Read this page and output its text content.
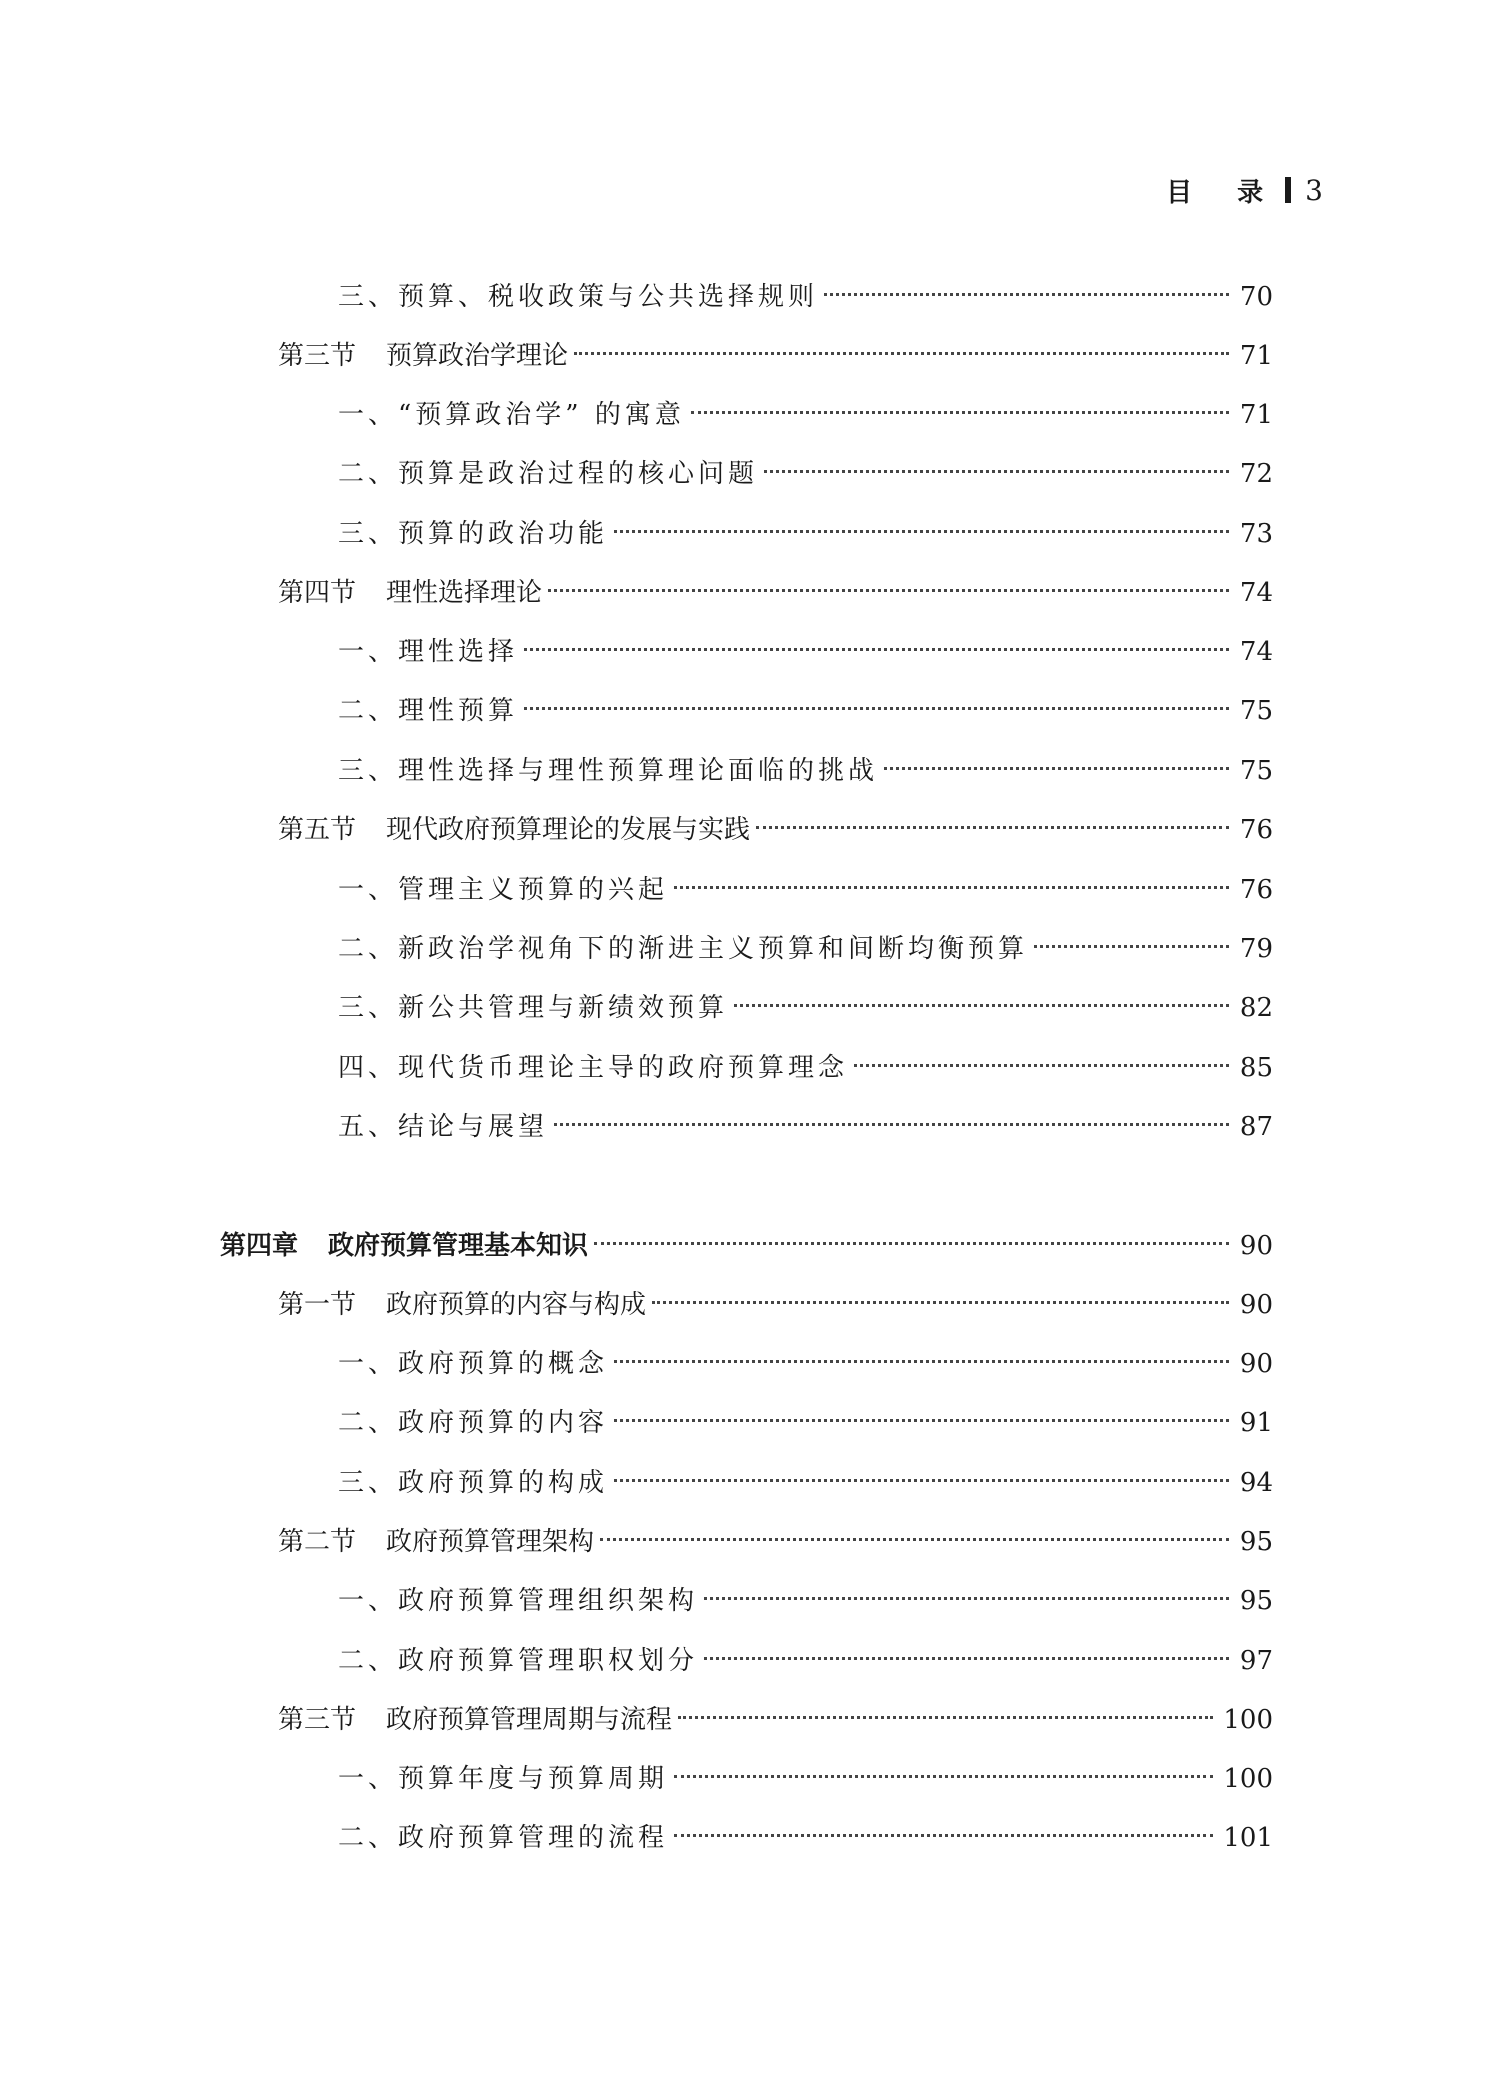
目 录 3
三、预算、税收政策与公共选择规则	70
第三节 预算政治学理论	71
一、“预算政治学” 的寓意	71
二、预算是政治过程的核心问题	72
三、预算的政治功能	73
第四节 理性选择理论	74
一、理性选择	74
二、理性预算	75
三、理性选择与理性预算理论面临的挑战	75
第五节 现代政府预算理论的发展与实践	76
一、管理主义预算的兴起	76
二、新政治学视角下的渐进主义预算和间断均衡预算	79
三、新公共管理与新绩效预算	82
四、现代货币理论主导的政府预算理念	85
五、结论与展望	87
第四章 政府预算管理基本知识	90
第一节 政府预算的内容与构成	90
一、政府预算的概念	90
二、政府预算的内容	91
三、政府预算的构成	94
第二节 政府预算管理架构	95
一、政府预算管理组织架构	95
二、政府预算管理职权划分	97
第三节 政府预算管理周期与流程	100
一、预算年度与预算周期	100
二、政府预算管理的流程	101
